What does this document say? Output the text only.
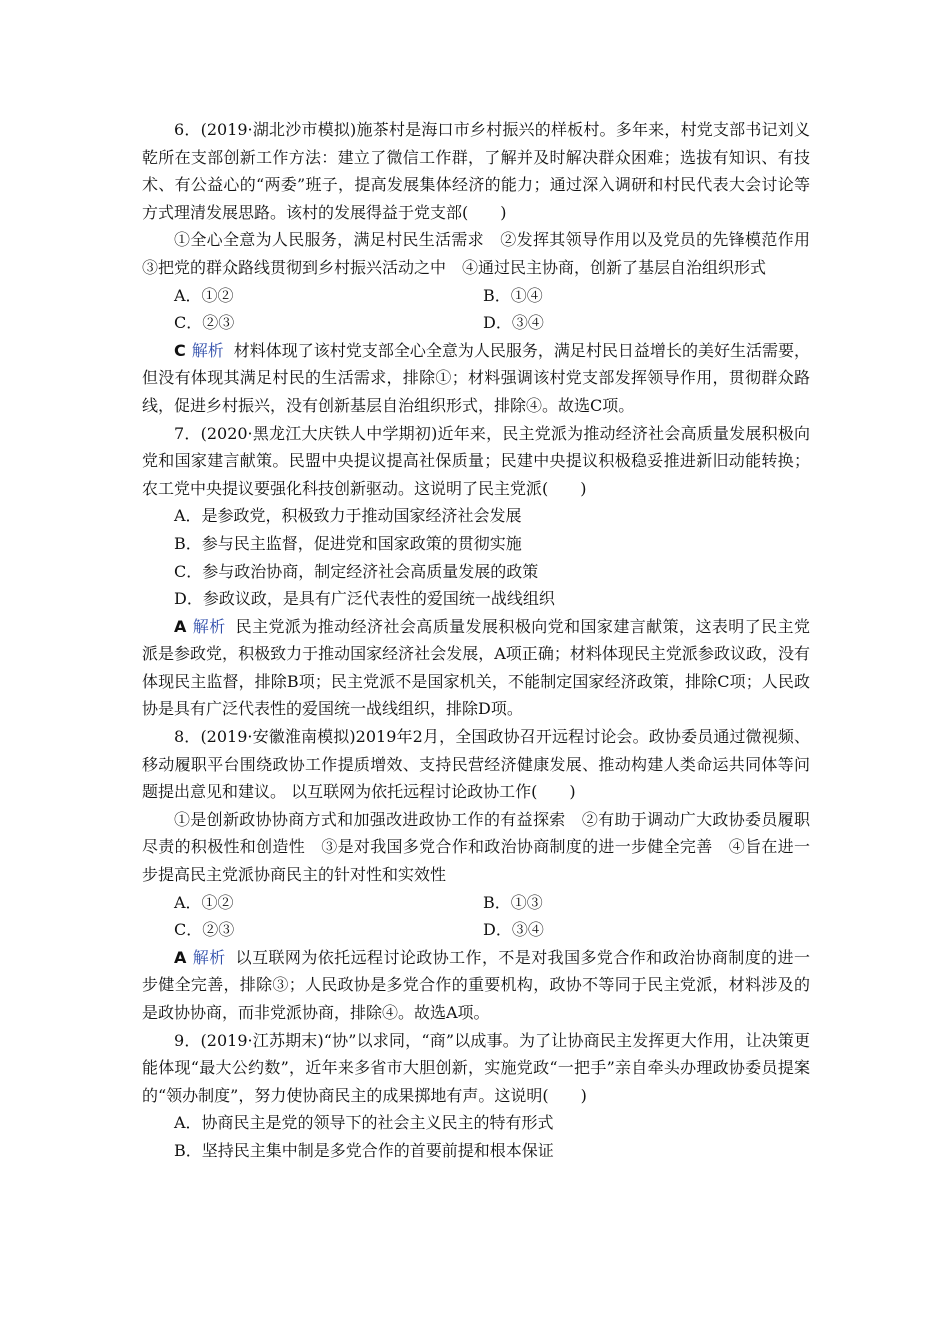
6．(2019·湖北沙市模拟)施茶村是海口市乡村振兴的样板村。多年来，村党支部书记刘义乾所在支部创新工作方法：建立了微信工作群，了解并及时解决群众困难；选拔有知识、有技术、有公益心的“两委”班子，提高发展集体经济的能力；通过深入调研和村民代表大会讨论等方式理清发展思路。该村的发展得益于党支部(　　)

①全心全意为人民服务，满足村民生活需求　②发挥其领导作用以及党员的先锋模范作用　③把党的群众路线贯彻到乡村振兴活动之中　④通过民主协商，创新了基层自治组织形式

A．①②	B．①④
C．②③	D．③④

C 解析 材料体现了该村党支部全心全意为人民服务，满足村民日益增长的美好生活需要，但没有体现其满足村民的生活需求，排除①；材料强调该村党支部发挥领导作用，贯彻群众路线，促进乡村振兴，没有创新基层自治组织形式，排除④。故选C项。

7．(2020·黑龙江大庆铁人中学期初)近年来，民主党派为推动经济社会高质量发展积极向党和国家建言献策。民盟中央提议提高社保质量；民建中央提议积极稳妥推进新旧动能转换；农工党中央提议要强化科技创新驱动。这说明了民主党派(　　)

A．是参政党，积极致力于推动国家经济社会发展
B．参与民主监督，促进党和国家政策的贯彻实施
C．参与政治协商，制定经济社会高质量发展的政策
D．参政议政，是具有广泛代表性的爱国统一战线组织

A 解析 民主党派为推动经济社会高质量发展积极向党和国家建言献策，这表明了民主党派是参政党，积极致力于推动国家经济社会发展，A项正确；材料体现民主党派参政议政，没有体现民主监督，排除B项；民主党派不是国家机关，不能制定国家经济政策，排除C项；人民政协是具有广泛代表性的爱国统一战线组织，排除D项。

8．(2019·安徽淮南模拟)2019年2月，全国政协召开远程讨论会。政协委员通过微视频、移动履职平台围绕政协工作提质增效、支持民营经济健康发展、推动构建人类命运共同体等问题提出意见和建议。 以互联网为依托远程讨论政协工作(　　)

①是创新政协协商方式和加强改进政协工作的有益探索　②有助于调动广大政协委员履职尽责的积极性和创造性　③是对我国多党合作和政治协商制度的进一步健全完善　④旨在进一步提高民主党派协商民主的针对性和实效性

A．①②	B．①③
C．②③	D．③④

A 解析 以互联网为依托远程讨论政协工作，不是对我国多党合作和政治协商制度的进一步健全完善，排除③；人民政协是多党合作的重要机构，政协不等同于民主党派，材料涉及的是政协协商，而非党派协商，排除④。故选A项。

9．(2019·江苏期末)“协”以求同，“商”以成事。为了让协商民主发挥更大作用，让决策更能体现“最大公约数”，近年来多省市大胆创新，实施党政“一把手”亲自牵头办理政协委员提案的“领办制度”，努力使协商民主的成果掷地有声。这说明(　　)

A．协商民主是党的领导下的社会主义民主的特有形式
B．坚持民主集中制是多党合作的首要前提和根本保证
